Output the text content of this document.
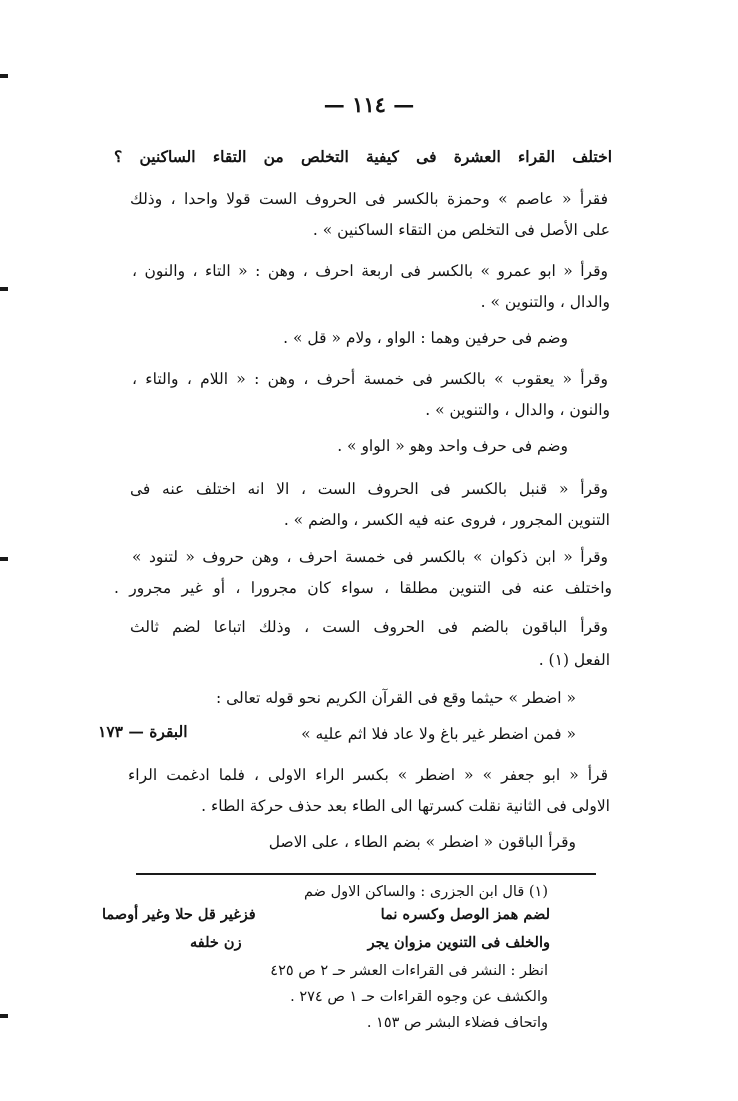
— ١١٤ —
اختلف القراء العشرة فى كيفية التخلص من التقاء الساكنين ؟
فقرأ « عاصم » وحمزة بالكسر فى الحروف الست قولا واحدا ، وذلك
على الأصل فى التخلص من التقاء الساكنين » .
وقرأ « ابو عمرو » بالكسر فى اربعة احرف ، وهن : « التاء ، والنون ،
والدال ، والتنوين » .
وضم فى حرفين وهما : الواو ، ولام « قل » .
وقرأ « يعقوب » بالكسر فى خمسة أحرف ، وهن : « اللام ، والتاء ،
والنون ، والدال ، والتنوين » .
وضم فى حرف واحد وهو « الواو » .
وقرأ « قنبل بالكسر فى الحروف الست ، الا انه اختلف عنه فى
التنوين المجرور ، فروى عنه فيه الكسر ، والضم » .
وقرأ « ابن ذكوان » بالكسر فى خمسة احرف ، وهن حروف « لتنود »
واختلف عنه فى التنوين مطلقا ، سواء كان مجرورا ، أو غير مجرور .
وقرأ الباقون بالضم فى الحروف الست ، وذلك اتباعا لضم ثالث
الفعل (١) .
« اضطر » حيثما وقع فى القرآن الكريم نحو قوله تعالى :
« فمن اضطر غير باغ ولا عاد فلا اثم عليه »
البقرة — ١٧٣
قرأ « ابو جعفر » « اضطر » بكسر الراء الاولى ، فلما ادغمت الراء
الاولى فى الثانية نقلت كسرتها الى الطاء بعد حذف حركة الطاء .
وقرأ الباقون « اضطر » بضم الطاء ، على الاصل
(١) قال ابن الجزرى : والساكن الاول ضم
لضم همز الوصل وكسره نما
فزغير قل حلا وغير أوصما
والخلف فى التنوين مزوان يجر
زن خلفه
انظر : النشر فى القراءات العشر حـ ٢ ص ٤٢٥
والكشف عن وجوه القراءات حـ ١ ص ٢٧٤ .
واتحاف فضلاء البشر ص ١٥٣ .
